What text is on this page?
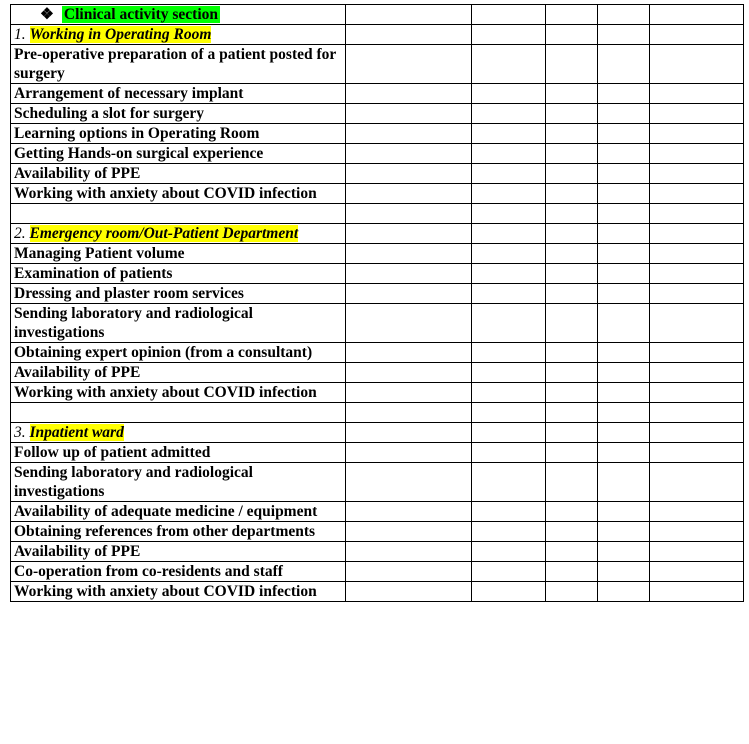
❖ Clinical activity section					
1. Working in Operating Room					
Pre-operative preparation of a patient posted for surgery					
Arrangement of necessary implant					
Scheduling a slot for surgery					
Learning options in Operating Room					
Getting Hands-on surgical experience					
Availability of PPE					
Working with anxiety about COVID infection					

2. Emergency room/Out-Patient Department					
Managing Patient volume					
Examination of patients					
Dressing and plaster room services					
Sending laboratory and radiological investigations					
Obtaining expert opinion (from a consultant)					
Availability of PPE					
Working with anxiety about COVID infection					

3. Inpatient ward					
Follow up of patient admitted					
Sending laboratory and radiological investigations					
Availability of adequate medicine / equipment					
Obtaining references from other departments					
Availability of PPE					
Co-operation from co-residents and staff					
Working with anxiety about COVID infection					
